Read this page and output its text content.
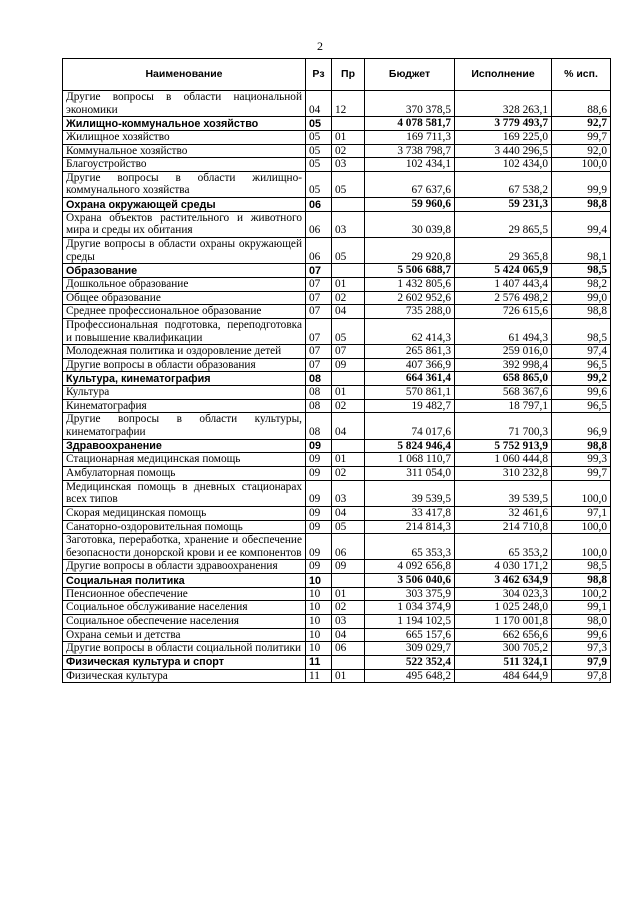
2
Наименование	Рз	Пр	Бюджет	Исполнение	% исп.
Другие вопросы в области национальной экономики	04	12	370 378,5	328 263,1	88,6
Жилищно-коммунальное хозяйство	05		4 078 581,7	3 779 493,7	92,7
Жилищное хозяйство	05	01	169 711,3	169 225,0	99,7
Коммунальное хозяйство	05	02	3 738 798,7	3 440 296,5	92,0
Благоустройство	05	03	102 434,1	102 434,0	100,0
Другие вопросы в области жилищно-коммунального хозяйства	05	05	67 637,6	67 538,2	99,9
Охрана окружающей среды	06		59 960,6	59 231,3	98,8
Охрана объектов растительного и животного мира и среды их обитания	06	03	30 039,8	29 865,5	99,4
Другие вопросы в области охраны окружающей среды	06	05	29 920,8	29 365,8	98,1
Образование	07		5 506 688,7	5 424 065,9	98,5
Дошкольное образование	07	01	1 432 805,6	1 407 443,4	98,2
Общее образование	07	02	2 602 952,6	2 576 498,2	99,0
Среднее профессиональное образование	07	04	735 288,0	726 615,6	98,8
Профессиональная подготовка, переподготовка и повышение квалификации	07	05	62 414,3	61 494,3	98,5
Молодежная политика и оздоровление детей	07	07	265 861,3	259 016,0	97,4
Другие вопросы в области образования	07	09	407 366,9	392 998,4	96,5
Культура, кинематография	08		664 361,4	658 865,0	99,2
Культура	08	01	570 861,1	568 367,6	99,6
Кинематография	08	02	19 482,7	18 797,1	96,5
Другие вопросы в области культуры, кинематографии	08	04	74 017,6	71 700,3	96,9
Здравоохранение	09		5 824 946,4	5 752 913,9	98,8
Стационарная медицинская помощь	09	01	1 068 110,7	1 060 444,8	99,3
Амбулаторная помощь	09	02	311 054,0	310 232,8	99,7
Медицинская помощь в дневных стационарах всех типов	09	03	39 539,5	39 539,5	100,0
Скорая медицинская помощь	09	04	33 417,8	32 461,6	97,1
Санаторно-оздоровительная помощь	09	05	214 814,3	214 710,8	100,0
Заготовка, переработка, хранение и обеспечение безопасности донорской крови и ее компонентов	09	06	65 353,3	65 353,2	100,0
Другие вопросы в области здравоохранения	09	09	4 092 656,8	4 030 171,2	98,5
Социальная политика	10		3 506 040,6	3 462 634,9	98,8
Пенсионное обеспечение	10	01	303 375,9	304 023,3	100,2
Социальное обслуживание населения	10	02	1 034 374,9	1 025 248,0	99,1
Социальное обеспечение населения	10	03	1 194 102,5	1 170 001,8	98,0
Охрана семьи и детства	10	04	665 157,6	662 656,6	99,6
Другие вопросы в области социальной политики	10	06	309 029,7	300 705,2	97,3
Физическая культура и спорт	11		522 352,4	511 324,1	97,9
Физическая культура	11	01	495 648,2	484 644,9	97,8
